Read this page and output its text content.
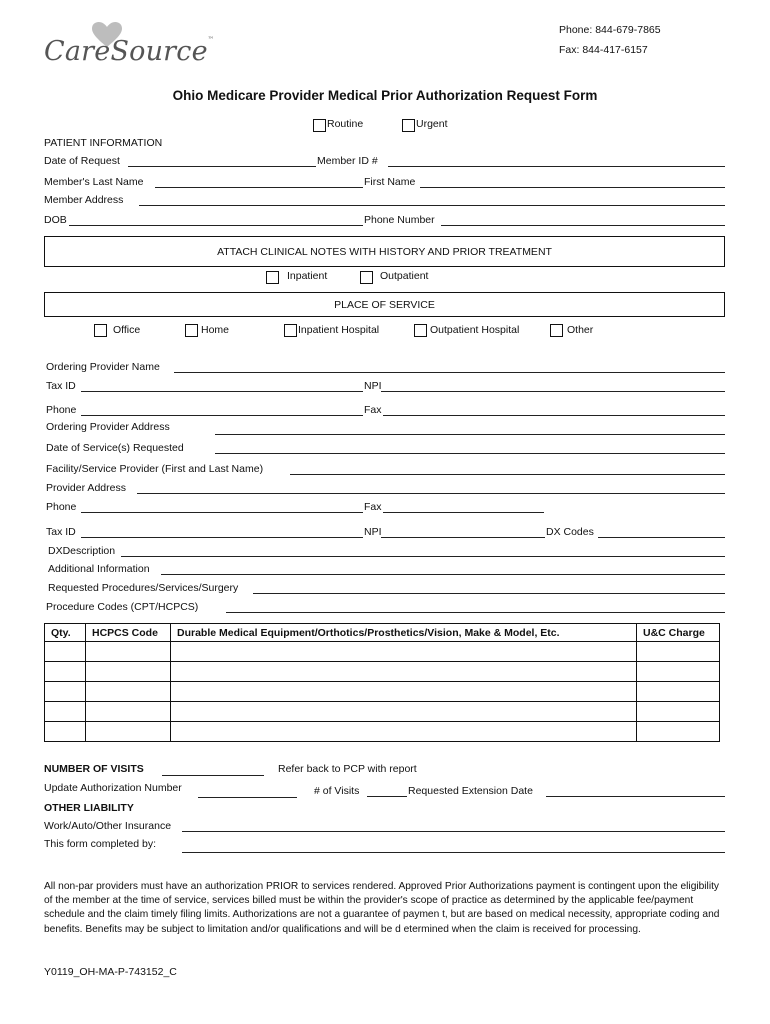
CareSource™
Phone: 844-679-7865
Fax: 844-417-6157
Ohio Medicare Provider Medical Prior Authorization Request Form
Routine	Urgent
PATIENT INFORMATION
Date of Request	Member ID #
Member's Last Name	First Name
Member Address
DOB	Phone Number
ATTACH CLINICAL NOTES WITH HISTORY AND PRIOR TREATMENT
Inpatient	Outpatient
PLACE OF SERVICE
Office	Home	Inpatient Hospital	Outpatient Hospital	Other
Ordering Provider Name
Tax ID	NPI
Phone	Fax
Ordering Provider Address
Date of Service(s) Requested
Facility/Service Provider (First and Last Name)
Provider Address
Phone	Fax
Tax ID	NPI	DX Codes
DXDescription
Additional Information
Requested Procedures/Services/Surgery
Procedure Codes (CPT/HCPCS)
Qty.	HCPCS Code	Durable Medical Equipment/Orthotics/Prosthetics/Vision, Make & Model, Etc.	U&C Charge

NUMBER OF VISITS	Refer back to PCP with report
Update Authorization Number	# of Visits	Requested Extension Date
OTHER LIABILITY
Work/Auto/Other Insurance
This form completed by:
All non-par providers must have an authorization PRIOR to services rendered. Approved Prior Authorizations payment is contingent upon the eligibility of the member at the time of service, services billed must be within the provider's scope of practice as determined by the applicable fee/payment schedule and the claim timely filing limits. Authorizations are not a guarantee of paymen t, but are based on medical necessity, appropriate coding and benefits. Benefits may be subject to limitation and/or qualifications and will be d etermined when the claim is received for processing.
Y0119_OH-MA-P-743152_C
